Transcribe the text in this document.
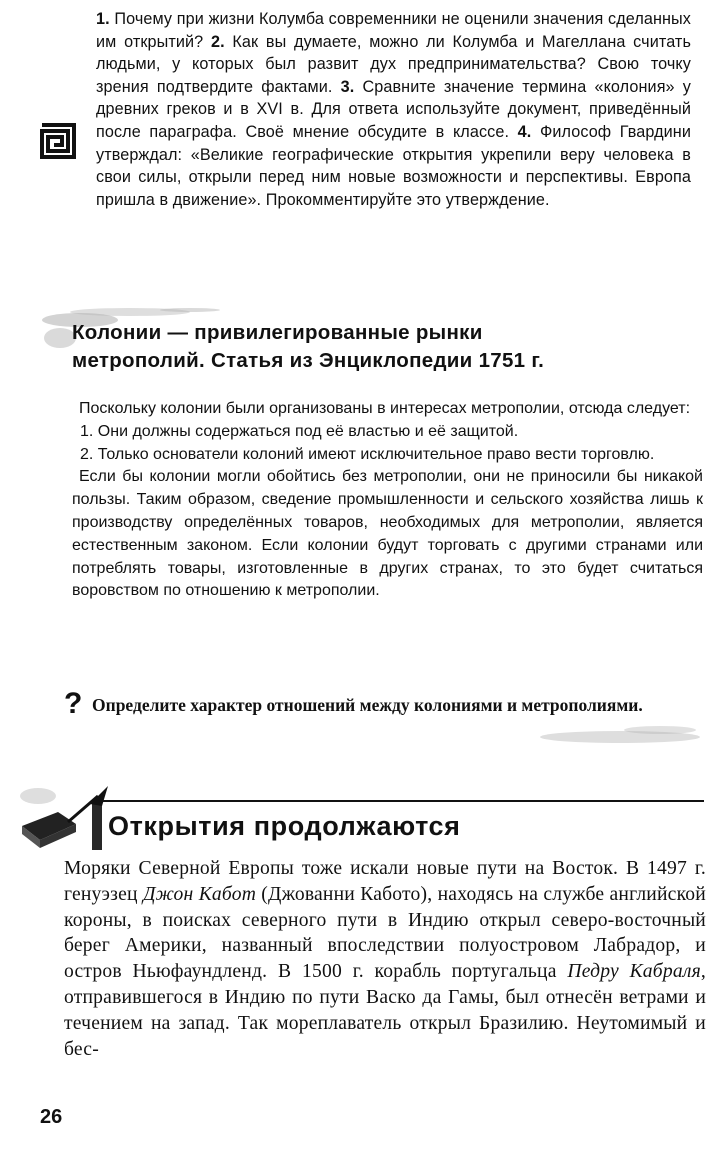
1. Почему при жизни Колумба современники не оценили значения сделанных им открытий? 2. Как вы думаете, можно ли Колумба и Магеллана считать людьми, у которых был развит дух предпринимательства? Свою точку зрения подтвердите фактами. 3. Сравните значение термина «колония» у древних греков и в XVI в. Для ответа используйте документ, приведённый после параграфа. Своё мнение обсудите в классе. 4. Философ Гвардини утверждал: «Великие географические открытия укрепили веру человека в свои силы, открыли перед ним новые возможности и перспективы. Европа пришла в движение». Прокомментируйте это утверждение.
Колонии — привилегированные рынки
метрополий. Статья из Энциклопедии 1751 г.

Поскольку колонии были организованы в интересах метрополии, отсюда следует:

1. Они должны содержаться под её властью и её защитой.

2. Только основатели колоний имеют исключительное право вести торговлю.

Если бы колонии могли обойтись без метрополии, они не приносили бы никакой пользы. Таким образом, сведение промышленности и сельского хозяйства лишь к производству определённых товаров, необходимых для метрополии, является естественным законом. Если колонии будут торговать с другими странами или потреблять товары, изготовленные в других странах, то это будет считаться воровством по отношению к метрополии.

? Определите характер отношений между колониями и метрополиями.
Открытия продолжаются
Моряки Северной Европы тоже искали новые пути на Восток. В 1497 г. генуэзец Джон Кабот (Джованни Кабото), находясь на службе английской короны, в поисках северного пути в Индию открыл северо-восточный берег Америки, названный впоследствии полуостровом Лабрадор, и остров Ньюфаундленд. В 1500 г. корабль португальца Педру Кабраля, отправившегося в Индию по пути Васко да Гамы, был отнесён ветрами и течением на запад. Так мореплаватель открыл Бразилию. Неутомимый и бес-
26
